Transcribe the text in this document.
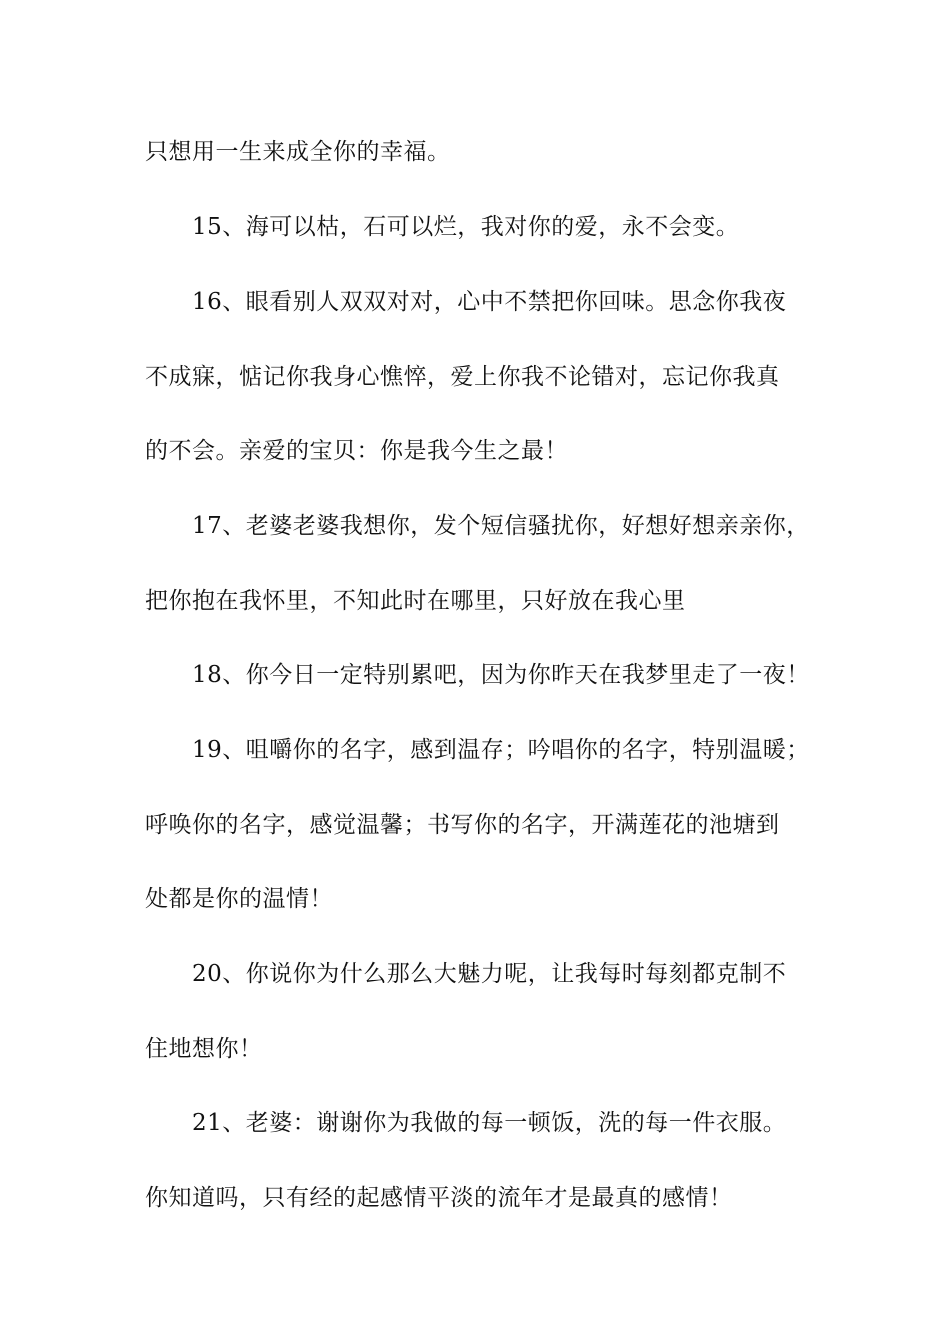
只想用一生来成全你的幸福。
15、海可以枯，石可以烂，我对你的爱，永不会变。
16、眼看别人双双对对，心中不禁把你回味。思念你我夜
不成寐，惦记你我身心憔悴，爱上你我不论错对，忘记你我真
的不会。亲爱的宝贝：你是我今生之最！
17、老婆老婆我想你，发个短信骚扰你，好想好想亲亲你，
把你抱在我怀里，不知此时在哪里，只好放在我心里
18、你今日一定特别累吧，因为你昨天在我梦里走了一夜！
19、咀嚼你的名字，感到温存；吟唱你的名字，特别温暖；
呼唤你的名字，感觉温馨；书写你的名字，开满莲花的池塘到
处都是你的温情！
20、你说你为什么那么大魅力呢，让我每时每刻都克制不
住地想你！
21、老婆：谢谢你为我做的每一顿饭，洗的每一件衣服。
你知道吗，只有经的起感情平淡的流年才是最真的感情！
